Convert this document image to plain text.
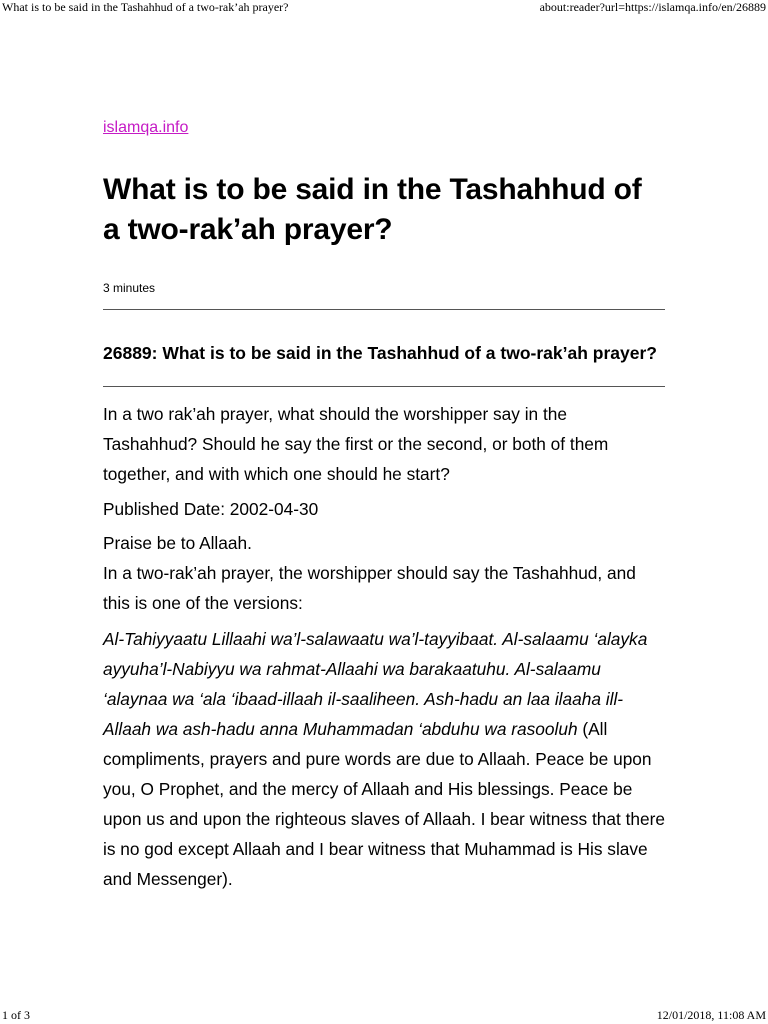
What is to be said in the Tashahhud of a two-rak’ah prayer?	about:reader?url=https://islamqa.info/en/26889
islamqa.info
What is to be said in the Tashahhud of a two-rak’ah prayer?
3 minutes
26889: What is to be said in the Tashahhud of a two-rak’ah prayer?

In a two rak’ah prayer, what should the worshipper say in the Tashahhud? Should he say the first or the second, or both of them together, and with which one should he start?

Published Date: 2002-04-30

Praise be to Allaah.
In a two-rak’ah prayer, the worshipper should say the Tashahhud, and this is one of the versions:

Al-Tahiyyaatu Lillaahi wa’l-salawaatu wa’l-tayyibaat. Al-salaamu ‘alayka ayyuha’l-Nabiyyu wa rahmat-Allaahi wa barakaatuhu. Al-salaamu ‘alaynaa wa ‘ala ‘ibaad-illaah il-saaliheen. Ash-hadu an laa ilaaha ill-Allaah wa ash-hadu anna Muhammadan ‘abduhu wa rasooluh (All compliments, prayers and pure words are due to Allaah. Peace be upon you, O Prophet, and the mercy of Allaah and His blessings. Peace be upon us and upon the righteous slaves of Allaah. I bear witness that there is no god except Allaah and I bear witness that Muhammad is His slave and Messenger).

1 of 3	12/01/2018, 11:08 AM
